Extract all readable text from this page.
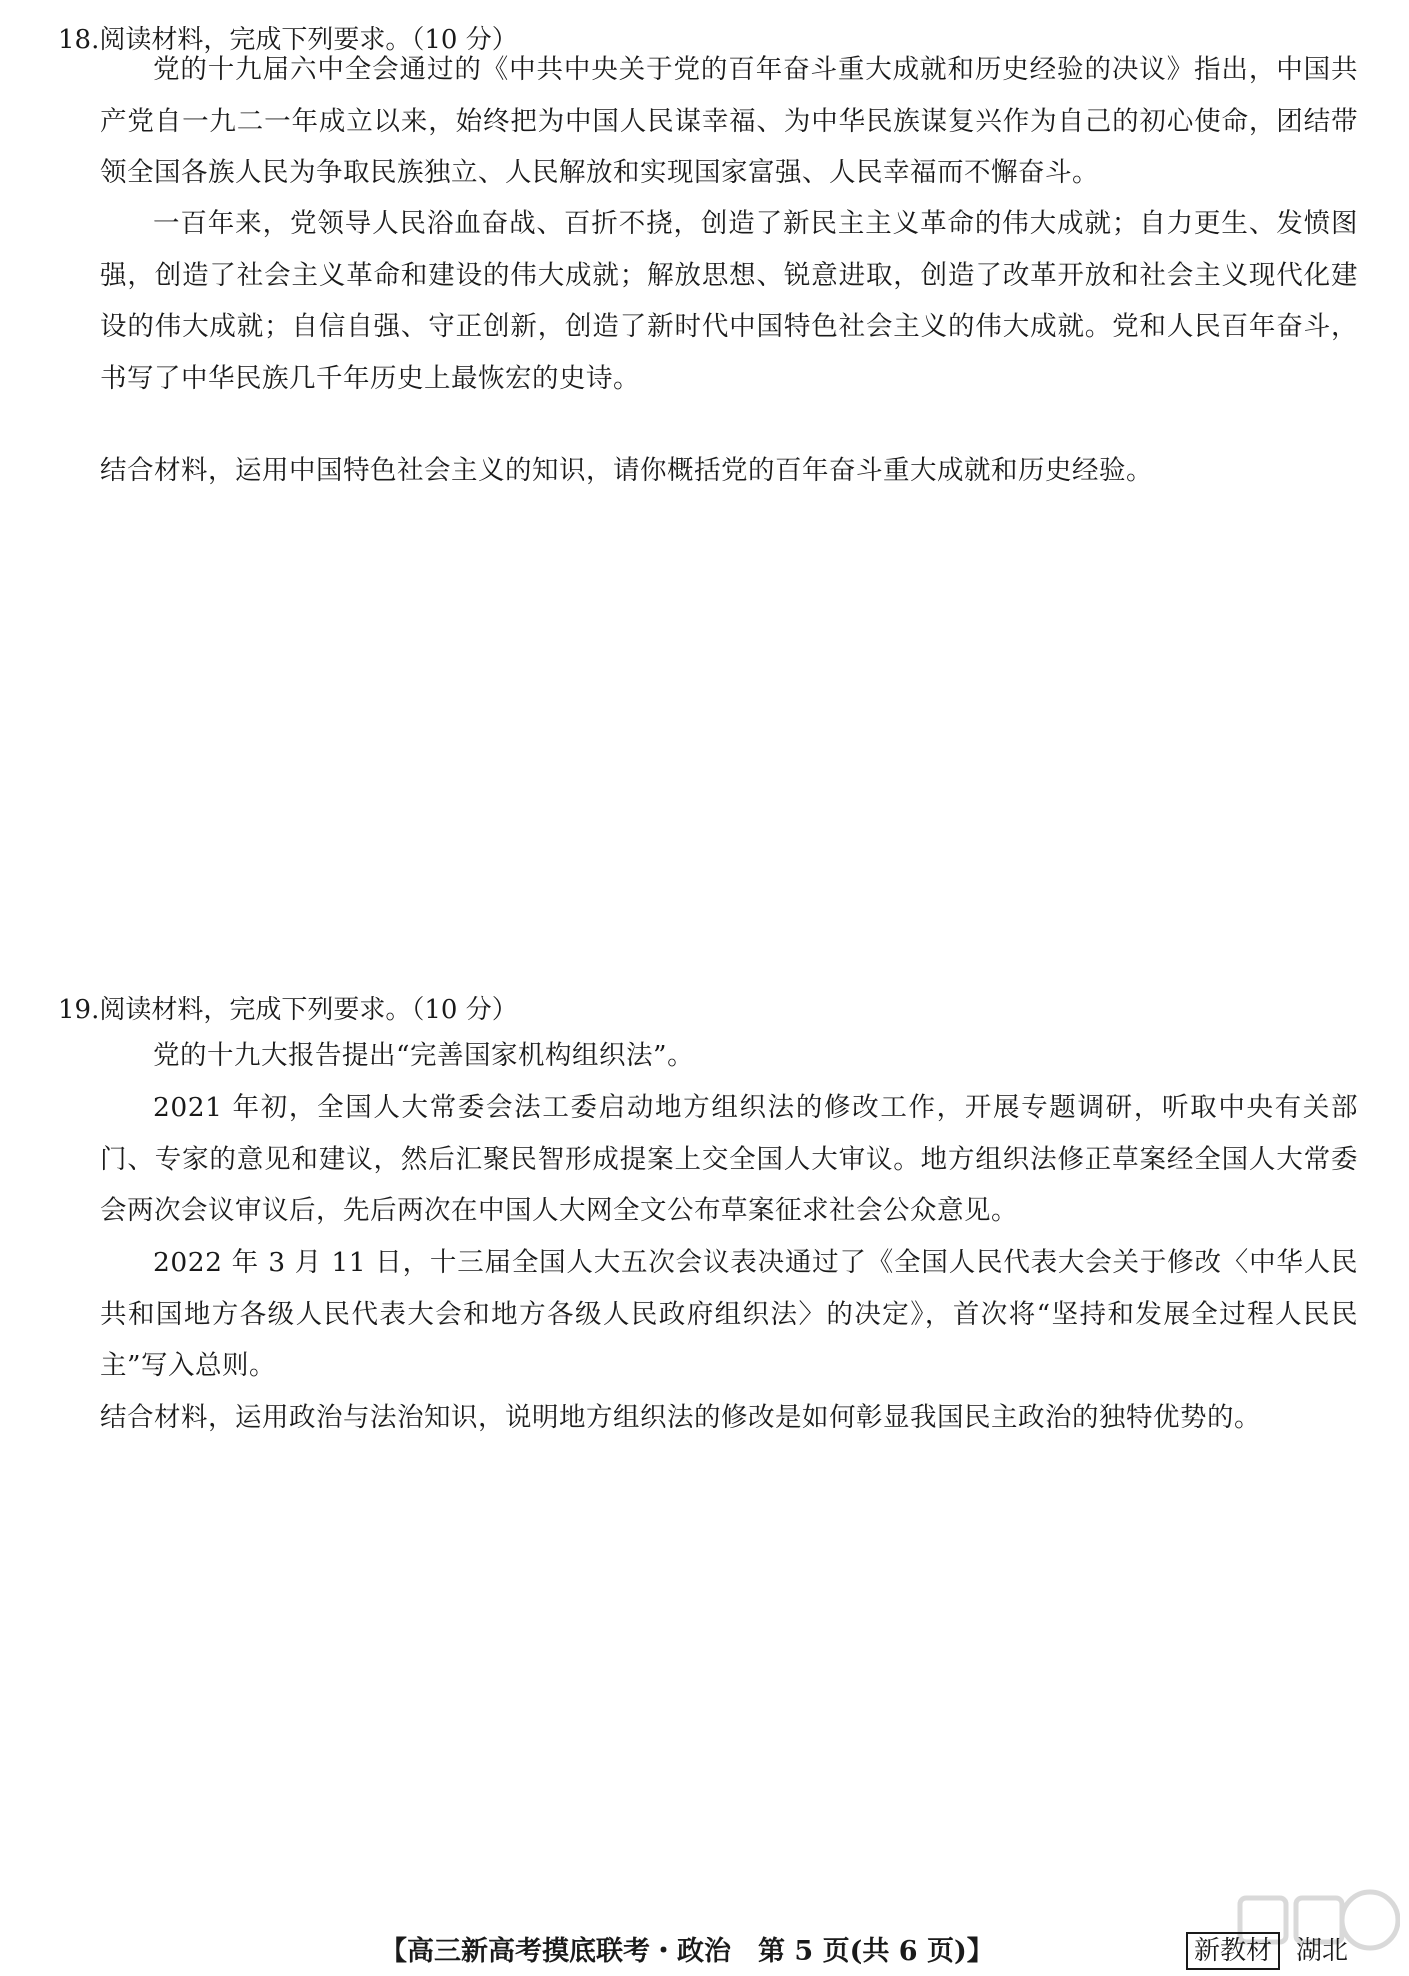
18.阅读材料，完成下列要求。（10 分）

党的十九届六中全会通过的《中共中央关于党的百年奋斗重大成就和历史经验的决议》指出，中国共产党自一九二一年成立以来，始终把为中国人民谋幸福、为中华民族谋复兴作为自己的初心使命，团结带领全国各族人民为争取民族独立、人民解放和实现国家富强、人民幸福而不懈奋斗。

一百年来，党领导人民浴血奋战、百折不挠，创造了新民主主义革命的伟大成就；自力更生、发愤图强，创造了社会主义革命和建设的伟大成就；解放思想、锐意进取，创造了改革开放和社会主义现代化建设的伟大成就；自信自强、守正创新，创造了新时代中国特色社会主义的伟大成就。党和人民百年奋斗，书写了中华民族几千年历史上最恢宏的史诗。

结合材料，运用中国特色社会主义的知识，请你概括党的百年奋斗重大成就和历史经验。
19.阅读材料，完成下列要求。（10 分）

党的十九大报告提出“完善国家机构组织法”。

2021 年初，全国人大常委会法工委启动地方组织法的修改工作，开展专题调研，听取中央有关部门、专家的意见和建议，然后汇聚民智形成提案上交全国人大审议。地方组织法修正草案经全国人大常委会两次会议审议后，先后两次在中国人大网全文公布草案征求社会公众意见。

2022 年 3 月 11 日，十三届全国人大五次会议表决通过了《全国人民代表大会关于修改〈中华人民共和国地方各级人民代表大会和地方各级人民政府组织法〉的决定》，首次将“坚持和发展全过程人民民主”写入总则。

结合材料，运用政治与法治知识，说明地方组织法的修改是如何彰显我国民主政治的独特优势的。
【高三新高考摸底联考・政治　第 5 页(共 6 页)】	新教材 湖北
